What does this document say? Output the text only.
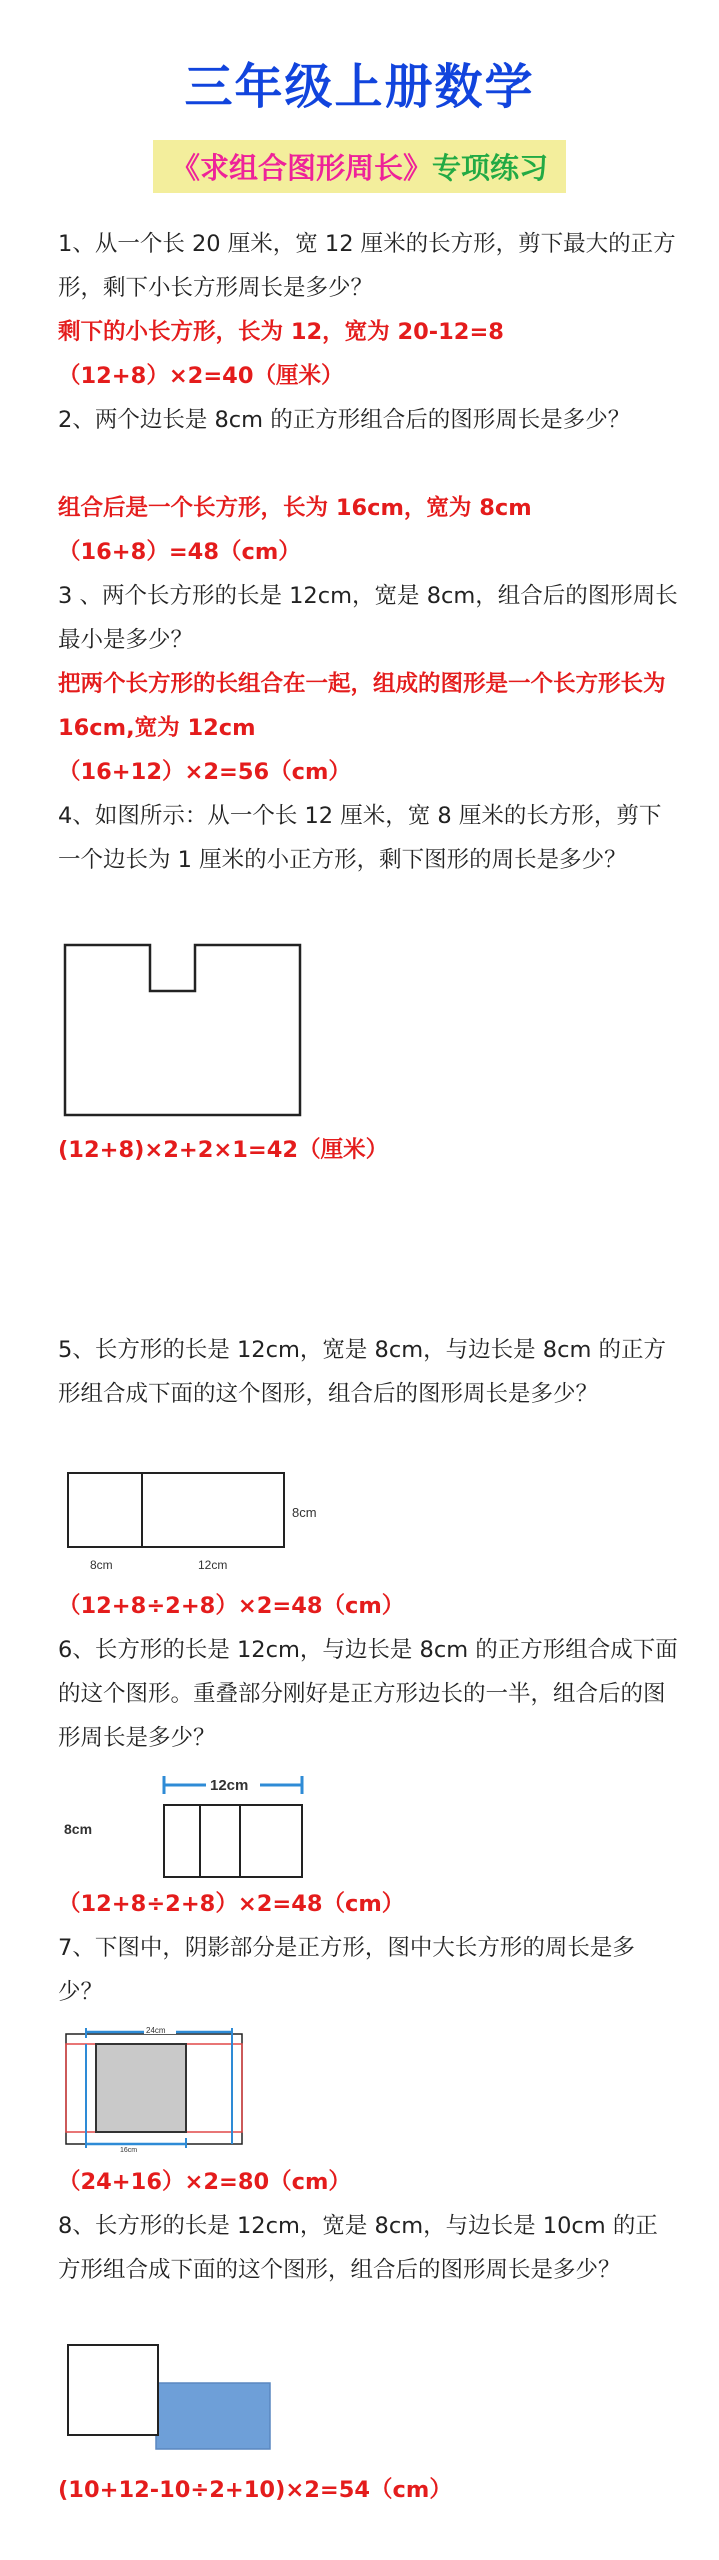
三年级上册数学
《求组合图形周长》专项练习
1、从一个长 20 厘米，宽 12 厘米的长方形，剪下最大的正方形，剩下小长方形周长是多少？
剩下的小长方形，长为 12，宽为 20-12=8
（12+8）×2=40（厘米）
2、两个边长是 8cm 的正方形组合后的图形周长是多少？
组合后是一个长方形，长为 16cm，宽为 8cm
（16+8）=48（cm）
3 、两个长方形的长是 12cm，宽是 8cm，组合后的图形周长最小是多少？
把两个长方形的长组合在一起，组成的图形是一个长方形长为 16cm,宽为 12cm
（16+12）×2=56（cm）
4、如图所示：从一个长 12 厘米，宽 8 厘米的长方形，剪下一个边长为 1 厘米的小正方形，剩下图形的周长是多少？
(12+8)×2+2×1=42（厘米）
5、长方形的长是 12cm，宽是 8cm，与边长是 8cm 的正方形组合成下面的这个图形，组合后的图形周长是多少？
8cm
8cm	12cm
（12+8÷2+8）×2=48（cm）
6、长方形的长是 12cm，与边长是 8cm 的正方形组合成下面的这个图形。重叠部分刚好是正方形边长的一半，组合后的图形周长是多少？
12cm
8cm
（12+8÷2+8）×2=48（cm）
7、下图中，阴影部分是正方形，图中大长方形的周长是多少？
24cm
16cm
（24+16）×2=80（cm）
8、长方形的长是 12cm，宽是 8cm，与边长是 10cm 的正方形组合成下面的这个图形，组合后的图形周长是多少？
(10+12-10÷2+10)×2=54（cm）
